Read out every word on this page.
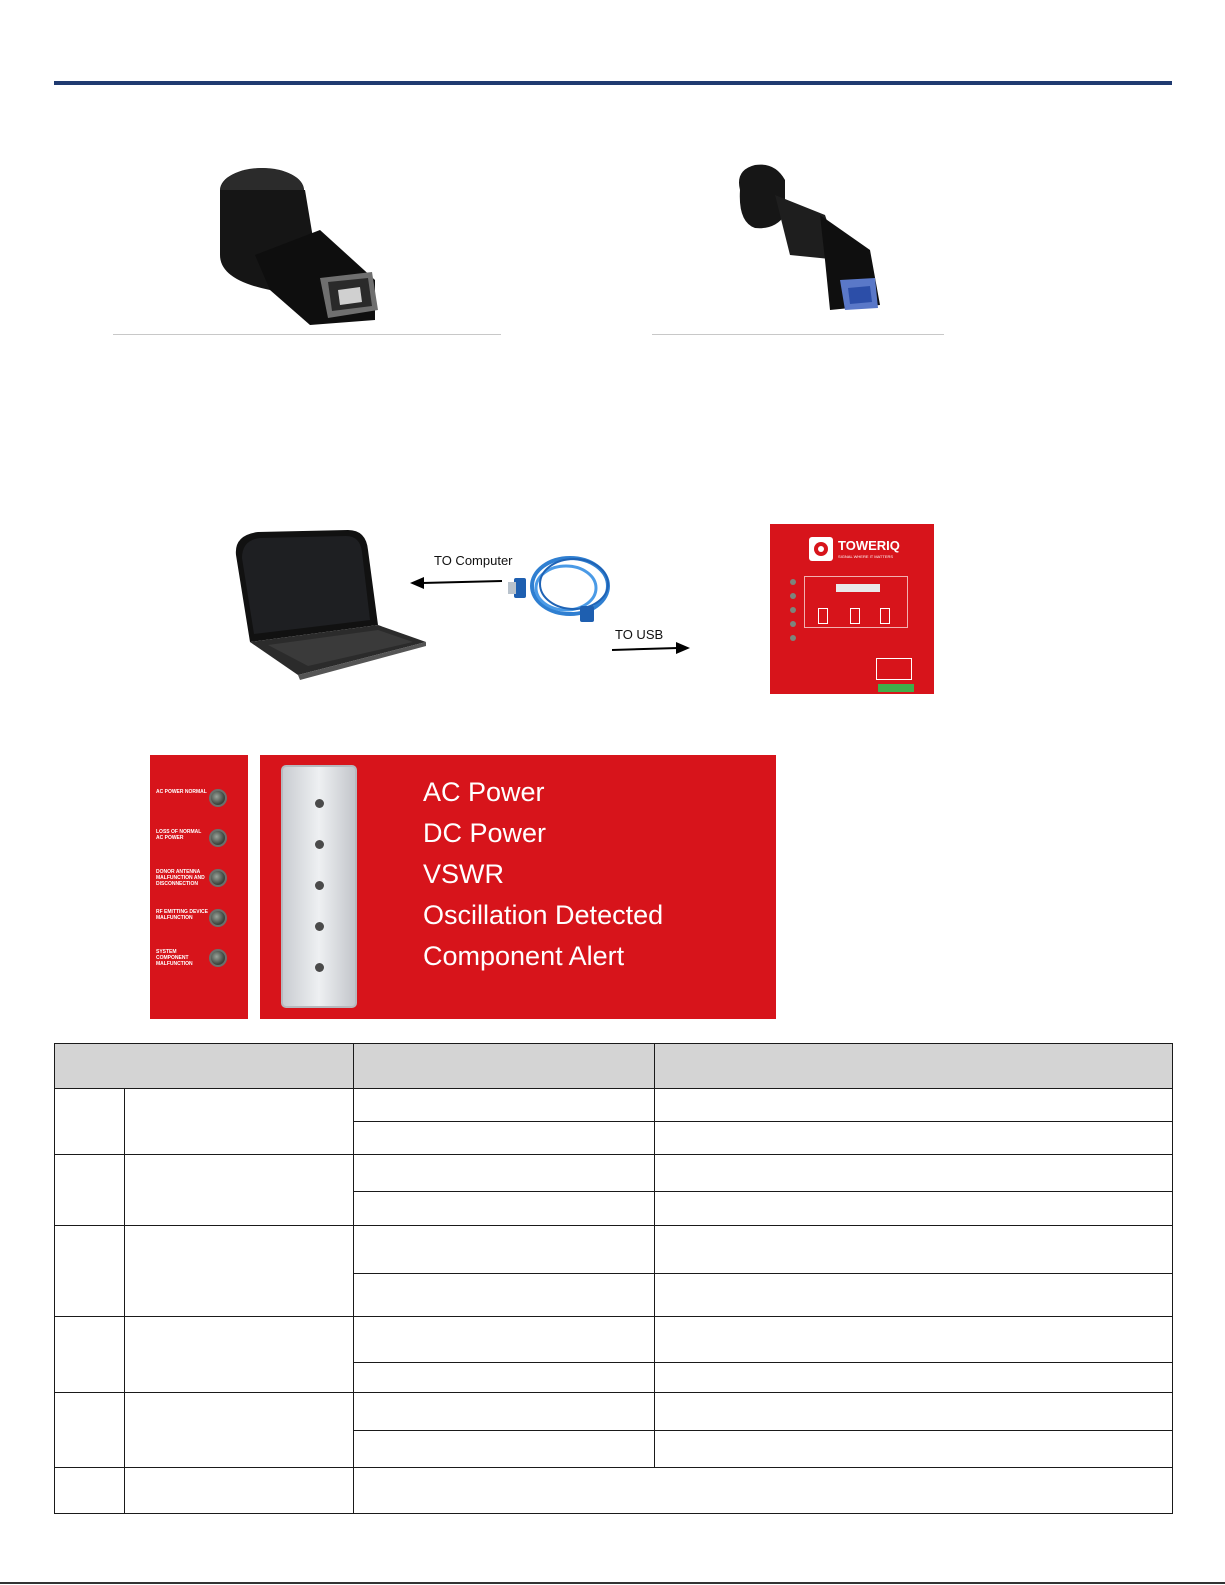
TO Computer
TO USB
TOWERIQ
SIGNAL WHERE IT MATTERS
AC POWER NORMAL
LOSS OF NORMAL AC POWER
DONOR ANTENNA MALFUNCTION AND DISCONNECTION
RF EMITTING DEVICE MALFUNCTION
SYSTEM COMPONENT MALFUNCTION
AC Power
DC Power
VSWR
Oscillation Detected
Component Alert
